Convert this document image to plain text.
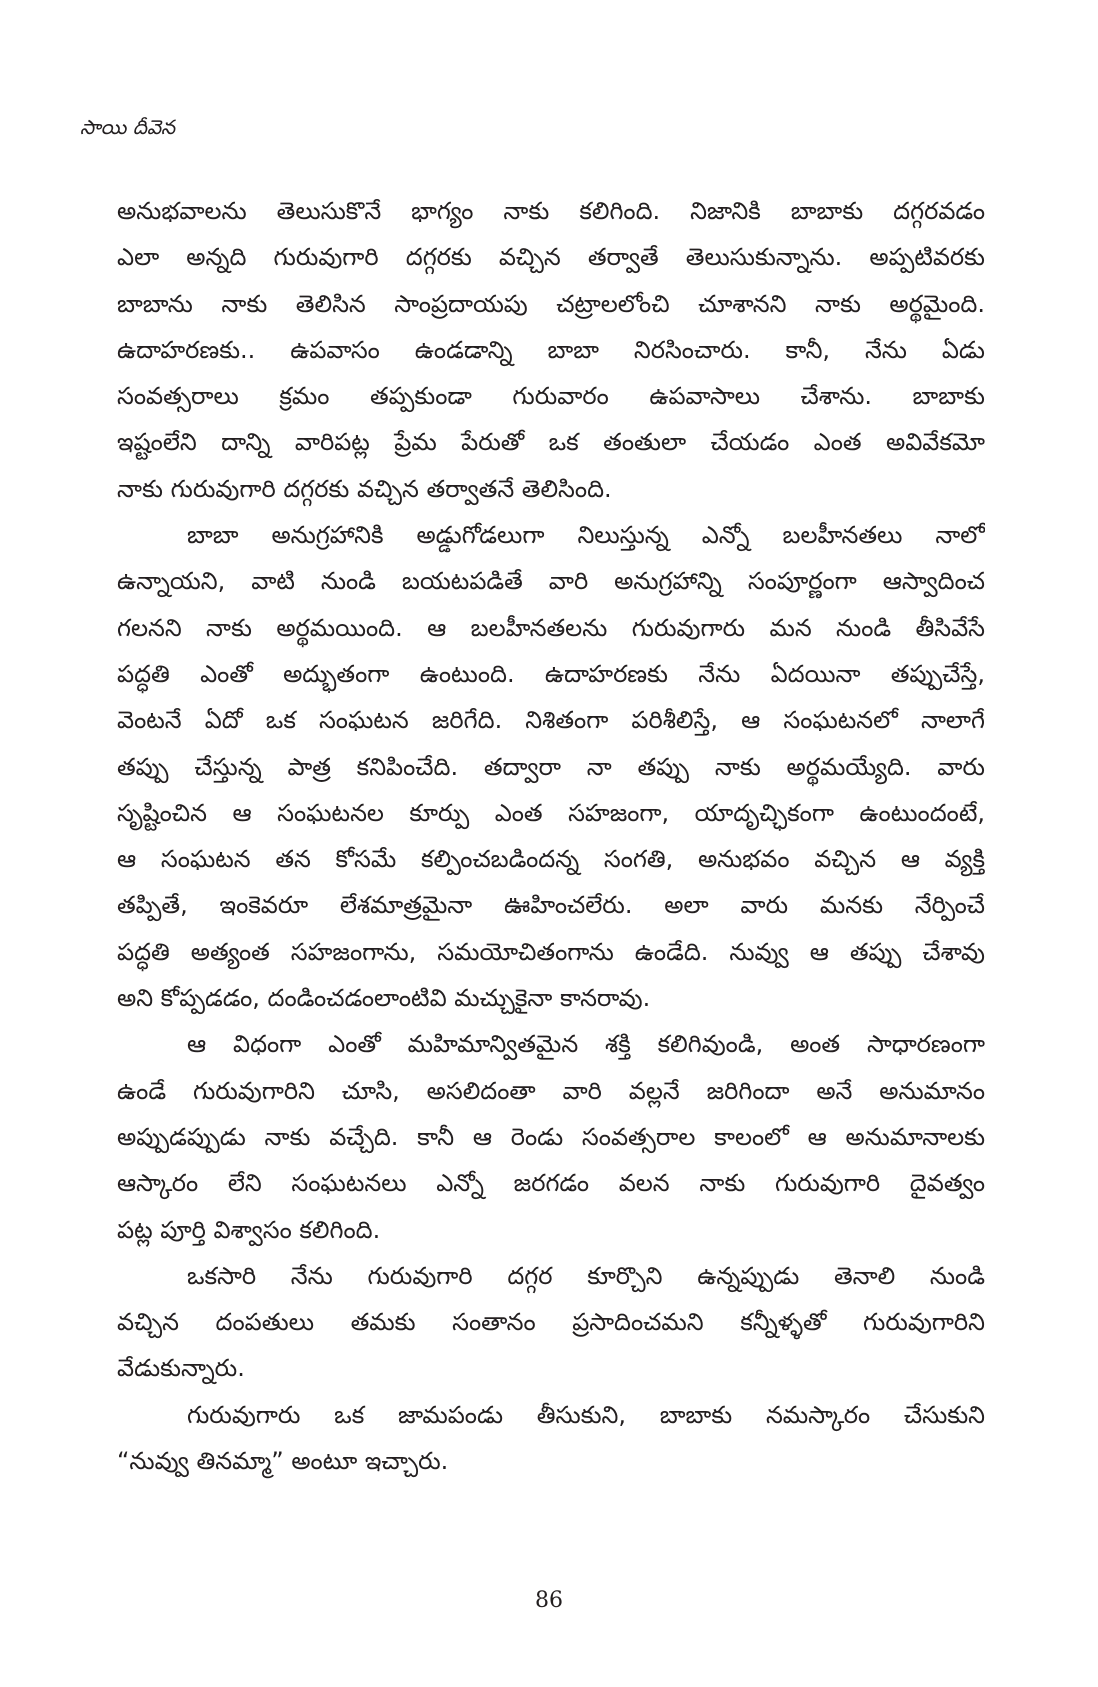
సాయి దీవెన
అనుభవాలను తెలుసుకొనే భాగ్యం నాకు కలిగింది. నిజానికి బాబాకు దగ్గరవడం
ఎలా అన్నది గురువుగారి దగ్గరకు వచ్చిన తర్వాతే తెలుసుకున్నాను. అప్పటివరకు
బాబాను నాకు తెలిసిన సాంప్రదాయపు చట్రాలలోంచి చూశానని నాకు అర్థమైంది.
ఉదాహరణకు.. ఉపవాసం ఉండడాన్ని బాబా నిరసించారు. కానీ, నేను ఏడు
సంవత్సరాలు క్రమం తప్పకుండా గురువారం ఉపవాసాలు చేశాను. బాబాకు
ఇష్టంలేని దాన్ని వారిపట్ల ప్రేమ పేరుతో ఒక తంతులా చేయడం ఎంత అవివేకమో
నాకు గురువుగారి దగ్గరకు వచ్చిన తర్వాతనే తెలిసింది.
బాబా అనుగ్రహానికి అడ్డుగోడలుగా నిలుస్తున్న ఎన్నో బలహీనతలు నాలో
ఉన్నాయని, వాటి నుండి బయటపడితే వారి అనుగ్రహాన్ని సంపూర్ణంగా ఆస్వాదించ
గలనని నాకు అర్థమయింది. ఆ బలహీనతలను గురువుగారు మన నుండి తీసివేసే
పద్ధతి ఎంతో అద్భుతంగా ఉంటుంది. ఉదాహరణకు నేను ఏదయినా తప్పుచేస్తే,
వెంటనే ఏదో ఒక సంఘటన జరిగేది. నిశితంగా పరిశీలిస్తే, ఆ సంఘటనలో నాలాగే
తప్పు చేస్తున్న పాత్ర కనిపించేది. తద్వారా నా తప్పు నాకు అర్థమయ్యేది. వారు
సృష్టించిన ఆ సంఘటనల కూర్పు ఎంత సహజంగా, యాదృచ్ఛికంగా ఉంటుందంటే,
ఆ సంఘటన తన కోసమే కల్పించబడిందన్న సంగతి, అనుభవం వచ్చిన ఆ వ్యక్తి
తప్పితే, ఇంకెవరూ లేశమాత్రమైనా ఊహించలేరు. అలా వారు మనకు నేర్పించే
పద్ధతి అత్యంత సహజంగాను, సమయోచితంగాను ఉండేది. నువ్వు ఆ తప్పు చేశావు
అని కోప్పడడం, దండించడంలాంటివి మచ్చుకైనా కానరావు.
ఆ విధంగా ఎంతో మహిమాన్వితమైన శక్తి కలిగివుండి, అంత సాధారణంగా
ఉండే గురువుగారిని చూసి, అసలిదంతా వారి వల్లనే జరిగిందా అనే అనుమానం
అప్పుడప్పుడు నాకు వచ్చేది. కానీ ఆ రెండు సంవత్సరాల కాలంలో ఆ అనుమానాలకు
ఆస్కారం లేని సంఘటనలు ఎన్నో జరగడం వలన నాకు గురువుగారి దైవత్వం
పట్ల పూర్తి విశ్వాసం కలిగింది.
ఒకసారి నేను గురువుగారి దగ్గర కూర్చొని ఉన్నప్పుడు తెనాలి నుండి
వచ్చిన దంపతులు తమకు సంతానం ప్రసాదించమని కన్నీళ్ళతో గురువుగారిని
వేడుకున్నారు.
గురువుగారు ఒక జామపండు తీసుకుని, బాబాకు నమస్కారం చేసుకుని
“నువ్వు తినమ్మా” అంటూ ఇచ్చారు.
86
